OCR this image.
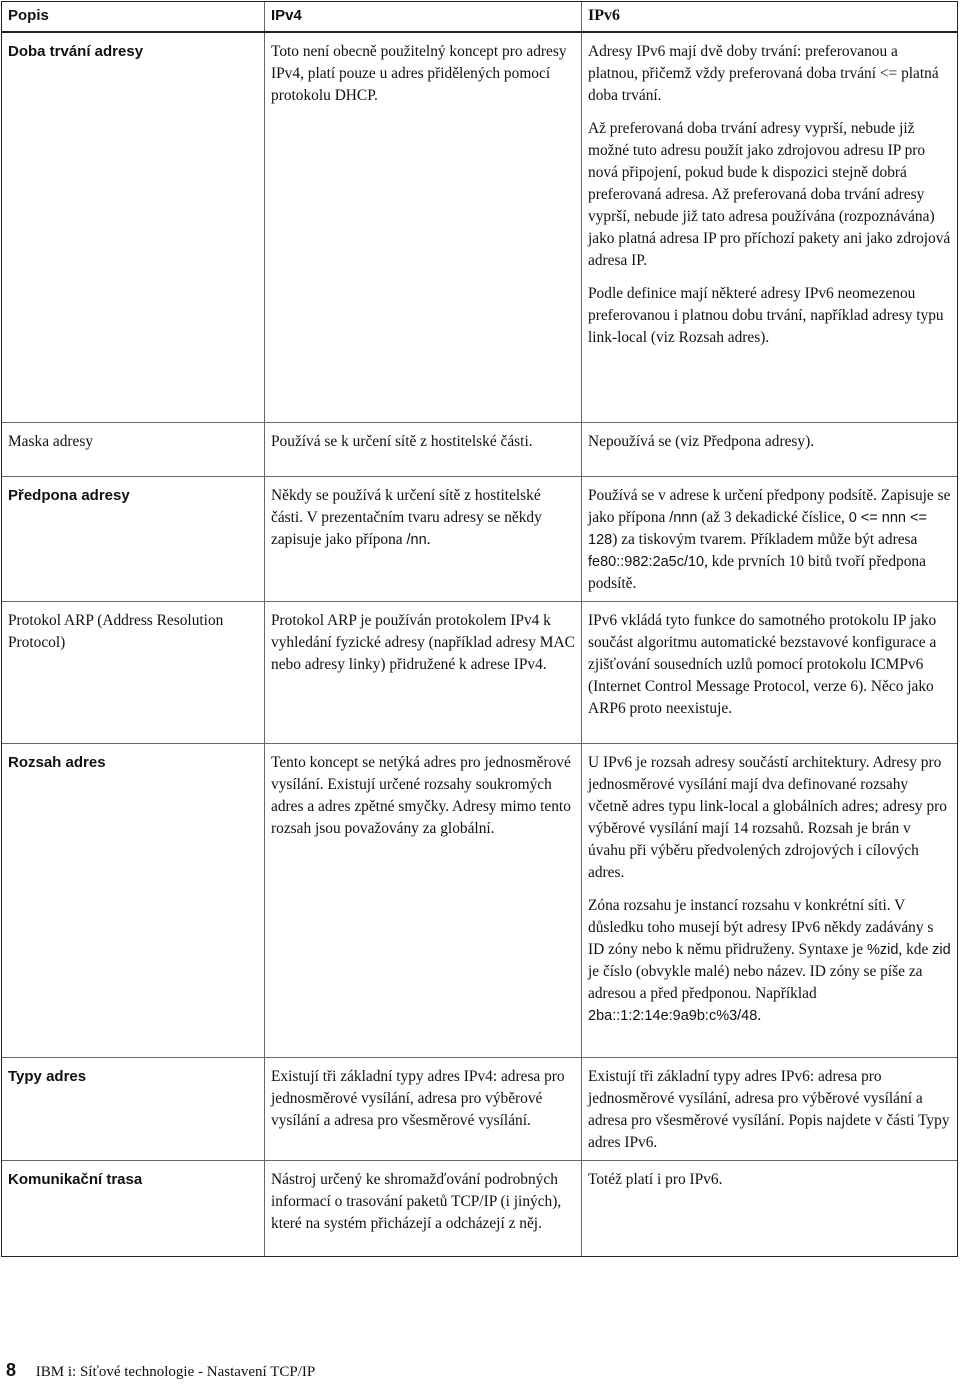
Popis	IPv4	IPv6
Doba trvání adresy	Toto není obecně použitelný koncept pro adresy IPv4, platí pouze u adres přidělených pomocí protokolu DHCP.	Adresy IPv6 mají dvě doby trvání: preferovanou a platnou, přičemž vždy preferovaná doba trvání <= platná doba trvání.

Až preferovaná doba trvání adresy vyprší, nebude již možné tuto adresu použít jako zdrojovou adresu IP pro nová připojení, pokud bude k dispozici stejně dobrá preferovaná adresa. Až preferovaná doba trvání adresy vyprší, nebude již tato adresa používána (rozpoznávána) jako platná adresa IP pro příchozí pakety ani jako zdrojová adresa IP.

Podle definice mají některé adresy IPv6 neomezenou preferovanou i platnou dobu trvání, například adresy typu link-local (viz Rozsah adres).

Maska adresy	Používá se k určení sítě z hostitelské části.	Nepoužívá se (viz Předpona adresy).
Předpona adresy	Někdy se používá k určení sítě z hostitelské části. V prezentačním tvaru adresy se někdy zapisuje jako přípona /nn.	Používá se v adrese k určení předpony podsítě. Zapisuje se jako přípona /nnn (až 3 dekadické číslice, 0 <= nnn <= 128) za tiskovým tvarem. Příkladem může být adresa fe80::982:2a5c/10, kde prvních 10 bitů tvoří předpona podsítě.
Protokol ARP (Address Resolution Protocol)	Protokol ARP je používán protokolem IPv4 k vyhledání fyzické adresy (například adresy MAC nebo adresy linky) přidružené k adrese IPv4.	IPv6 vkládá tyto funkce do samotného protokolu IP jako součást algoritmu automatické bezstavové konfigurace a zjišťování sousedních uzlů pomocí protokolu ICMPv6 (Internet Control Message Protocol, verze 6). Něco jako ARP6 proto neexistuje.
Rozsah adres	Tento koncept se netýká adres pro jednosměrové vysílání. Existují určené rozsahy soukromých adres a adres zpětné smyčky. Adresy mimo tento rozsah jsou považovány za globální.	U IPv6 je rozsah adresy součástí architektury. Adresy pro jednosměrové vysílání mají dva definované rozsahy včetně adres typu link-local a globálních adres; adresy pro výběrové vysílání mají 14 rozsahů. Rozsah je brán v úvahu při výběru předvolených zdrojových i cílových adres.

Zóna rozsahu je instancí rozsahu v konkrétní síti. V důsledku toho musejí být adresy IPv6 někdy zadávány s ID zóny nebo k němu přidruženy. Syntaxe je %zid, kde zid je číslo (obvykle malé) nebo název. ID zóny se píše za adresou a před předponou. Například 2ba::1:2:14e:9a9b:c%3/48.

Typy adres	Existují tři základní typy adres IPv4: adresa pro jednosměrové vysílání, adresa pro výběrové vysílání a adresa pro všesměrové vysílání.	Existují tři základní typy adres IPv6: adresa pro jednosměrové vysílání, adresa pro výběrové vysílání a adresa pro všesměrové vysílání. Popis najdete v části Typy adres IPv6.
Komunikační trasa	Nástroj určený ke shromažďování podrobných informací o trasování paketů TCP/IP (i jiných), které na systém přicházejí a odcházejí z něj.	Totéž platí i pro IPv6.
8 IBM i: Síťové technologie - Nastavení TCP/IP
